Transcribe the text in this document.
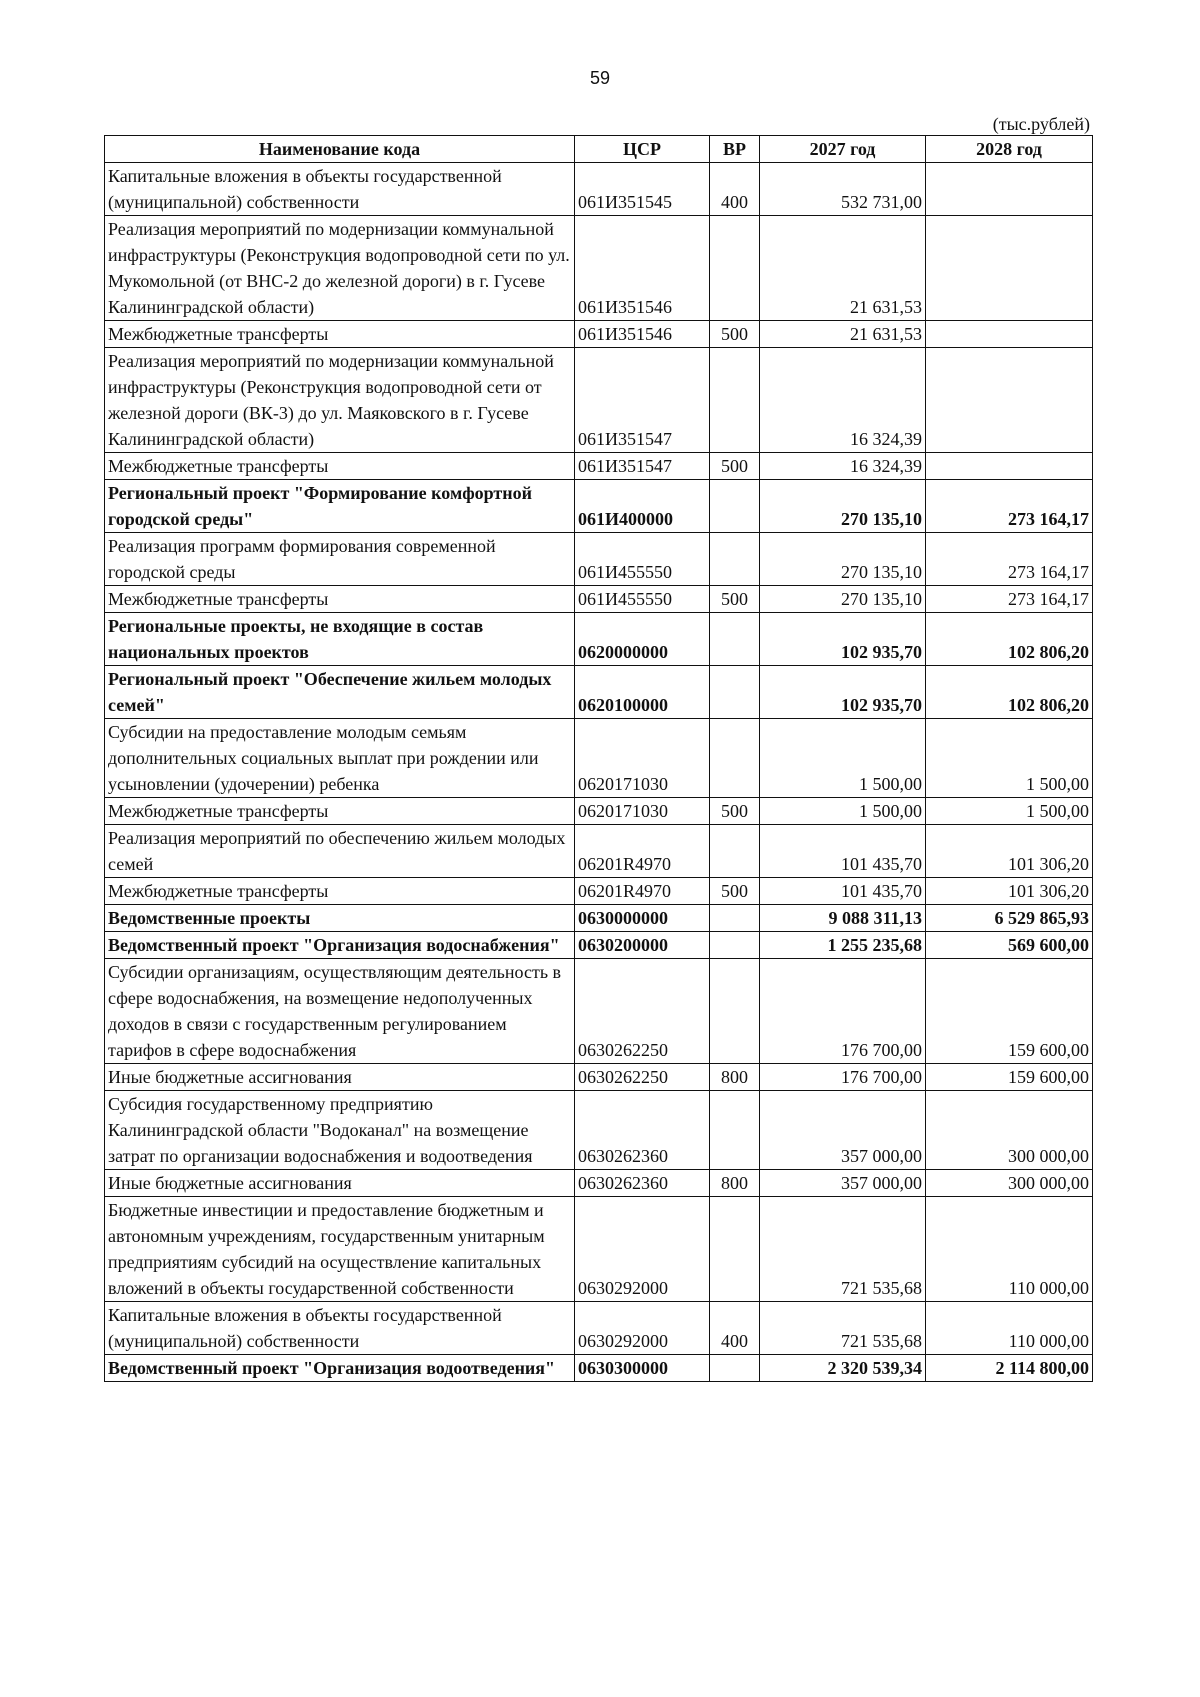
59
(тыс.рублей)
Наименование кода	ЦСР	ВР	2027 год	2028 год
Капитальные вложения в объекты государственной (муниципальной) собственности	061И351545	400	532 731,00	
Реализация мероприятий по модернизации коммунальной инфраструктуры (Реконструкция водопроводной сети по ул. Мукомольной (от ВНС-2 до железной дороги) в г. Гусеве Калининградской области)	061И351546		21 631,53	
Межбюджетные трансферты	061И351546	500	21 631,53	
Реализация мероприятий по модернизации коммунальной инфраструктуры (Реконструкция водопроводной сети от железной дороги (ВК-3) до ул. Маяковского в г. Гусеве Калининградской области)	061И351547		16 324,39	
Межбюджетные трансферты	061И351547	500	16 324,39	
Региональный проект "Формирование комфортной городской среды"	061И400000		270 135,10	273 164,17
Реализация программ формирования современной городской среды	061И455550		270 135,10	273 164,17
Межбюджетные трансферты	061И455550	500	270 135,10	273 164,17
Региональные проекты, не входящие в состав национальных проектов	0620000000		102 935,70	102 806,20
Региональный проект "Обеспечение жильем молодых семей"	0620100000		102 935,70	102 806,20
Субсидии на предоставление молодым семьям дополнительных социальных выплат при рождении или усыновлении (удочерении) ребенка	0620171030		1 500,00	1 500,00
Межбюджетные трансферты	0620171030	500	1 500,00	1 500,00
Реализация мероприятий по обеспечению жильем молодых семей	06201R4970		101 435,70	101 306,20
Межбюджетные трансферты	06201R4970	500	101 435,70	101 306,20
Ведомственные проекты	0630000000		9 088 311,13	6 529 865,93
Ведомственный проект "Организация водоснабжения"	0630200000		1 255 235,68	569 600,00
Субсидии организациям, осуществляющим деятельность в сфере водоснабжения, на возмещение недополученных доходов в связи с государственным регулированием тарифов в сфере водоснабжения	0630262250		176 700,00	159 600,00
Иные бюджетные ассигнования	0630262250	800	176 700,00	159 600,00
Субсидия государственному предприятию Калининградской области "Водоканал" на возмещение затрат по организации водоснабжения и водоотведения	0630262360		357 000,00	300 000,00
Иные бюджетные ассигнования	0630262360	800	357 000,00	300 000,00
Бюджетные инвестиции и предоставление бюджетным и автономным учреждениям, государственным унитарным предприятиям субсидий на осуществление капитальных вложений в объекты государственной собственности	0630292000		721 535,68	110 000,00
Капитальные вложения в объекты государственной (муниципальной) собственности	0630292000	400	721 535,68	110 000,00
Ведомственный проект "Организация водоотведения"	0630300000		2 320 539,34	2 114 800,00
